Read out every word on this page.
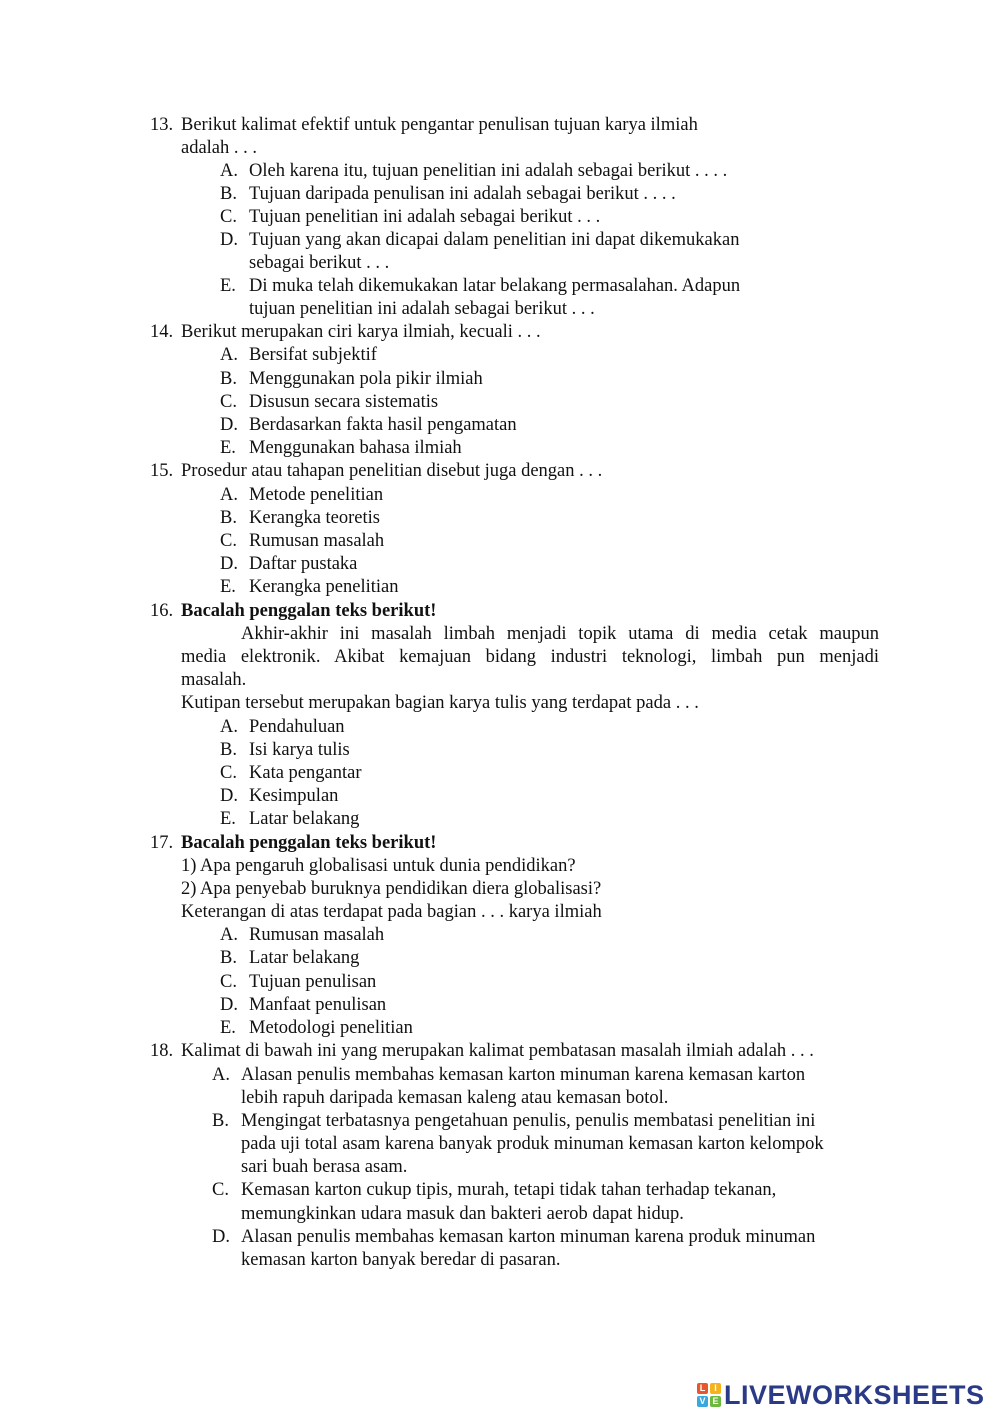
13. Berikut kalimat efektif untuk pengantar penulisan tujuan karya ilmiah
adalah . . .
A. Oleh karena itu, tujuan penelitian ini adalah sebagai berikut . . . .
B. Tujuan daripada penulisan ini adalah sebagai berikut . . . .
C. Tujuan penelitian ini adalah sebagai berikut . . .
D. Tujuan yang akan dicapai dalam penelitian ini dapat dikemukakan
sebagai berikut . . .
E. Di muka telah dikemukakan latar belakang permasalahan. Adapun
tujuan penelitian ini adalah sebagai berikut . . .
14. Berikut merupakan ciri karya ilmiah, kecuali . . .
A. Bersifat subjektif
B. Menggunakan pola pikir ilmiah
C. Disusun secara sistematis
D. Berdasarkan fakta hasil pengamatan
E. Menggunakan bahasa ilmiah
15. Prosedur atau tahapan penelitian disebut juga dengan . . .
A. Metode penelitian
B. Kerangka teoretis
C. Rumusan masalah
D. Daftar pustaka
E. Kerangka penelitian
16. Bacalah penggalan teks berikut!
Akhir-akhir ini masalah limbah menjadi topik utama di media cetak maupun
media elektronik. Akibat kemajuan bidang industri teknologi, limbah pun menjadi
masalah.
Kutipan tersebut merupakan bagian karya tulis yang terdapat pada . . .
A. Pendahuluan
B. Isi karya tulis
C. Kata pengantar
D. Kesimpulan
E. Latar belakang
17. Bacalah penggalan teks berikut!
1) Apa pengaruh globalisasi untuk dunia pendidikan?
2) Apa penyebab buruknya pendidikan diera globalisasi?
Keterangan di atas terdapat pada bagian . . . karya ilmiah
A. Rumusan masalah
B. Latar belakang
C. Tujuan penulisan
D. Manfaat penulisan
E. Metodologi penelitian
18. Kalimat di bawah ini yang merupakan kalimat pembatasan masalah ilmiah adalah . . .
A. Alasan penulis membahas kemasan karton minuman karena kemasan karton
lebih rapuh daripada kemasan kaleng atau kemasan botol.
B. Mengingat terbatasnya pengetahuan penulis, penulis membatasi penelitian ini
pada uji total asam karena banyak produk minuman kemasan karton kelompok
sari buah berasa asam.
C. Kemasan karton cukup tipis, murah, tetapi tidak tahan terhadap tekanan,
memungkinkan udara masuk dan bakteri aerob dapat hidup.
D. Alasan penulis membahas kemasan karton minuman karena produk minuman
kemasan karton banyak beredar di pasaran.
L I
V E LIVEWORKSHEETS
